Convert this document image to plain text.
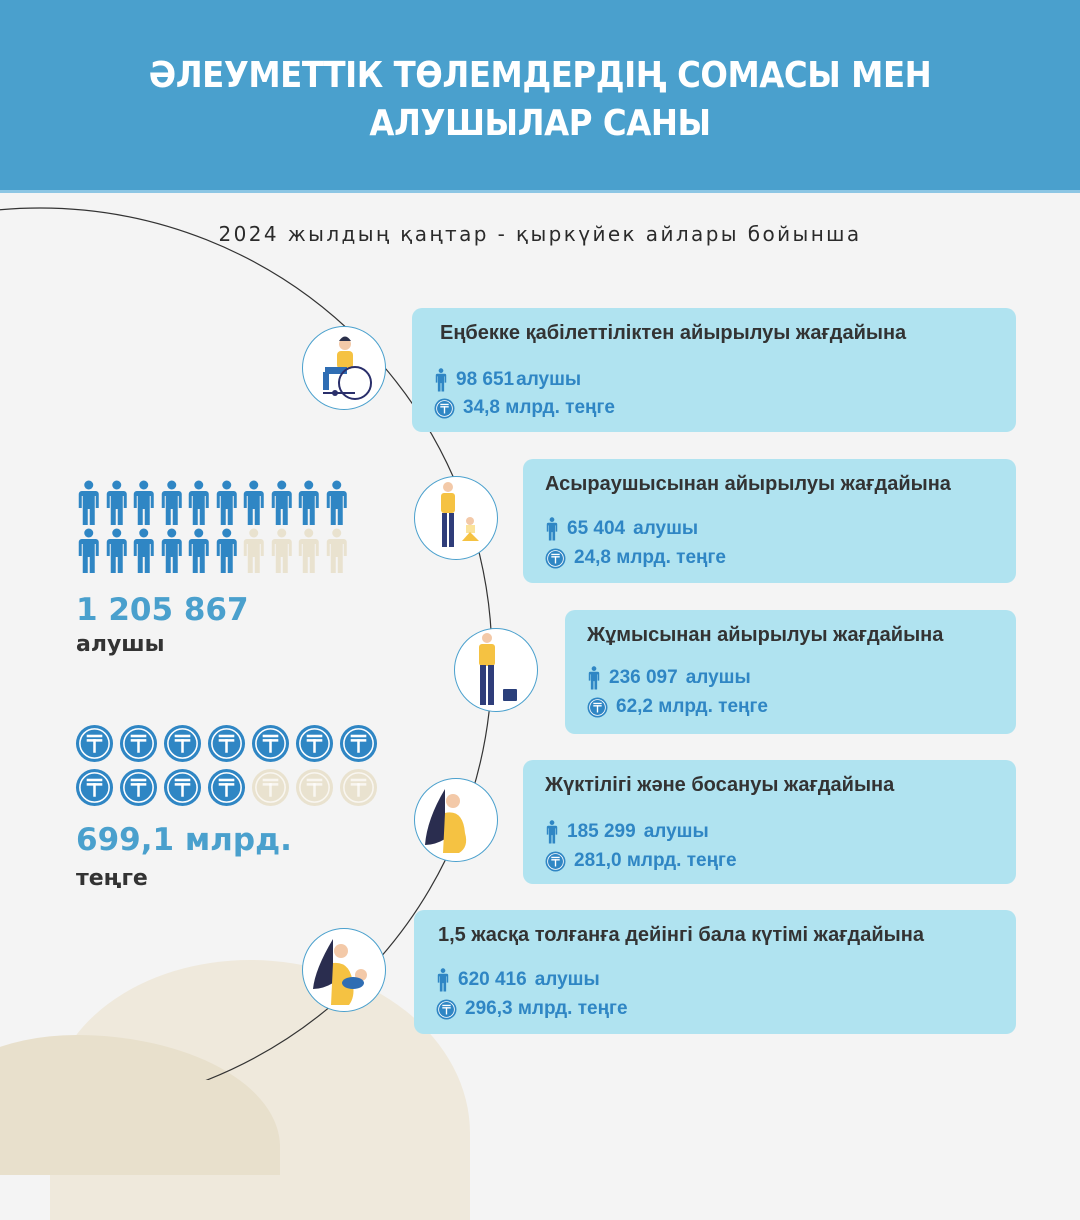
ӘЛЕУМЕТТІК ТӨЛЕМДЕРДІҢ СОМАСЫ МЕН
АЛУШЫЛАР САНЫ
2024 жылдың қаңтар - қыркүйек айлары бойынша
1 205 867
алушы
699,1 млрд.
теңге
Еңбекке қабілеттіліктен айырылуы жағдайына
98 651 алушы
34,8 млрд. теңге
Асыраушысынан айырылуы жағдайына
65 404 алушы
24,8 млрд. теңге
Жұмысынан айырылуы жағдайына
236 097 алушы
62,2 млрд. теңге
Жүктілігі және босануы жағдайына
185 299 алушы
281,0 млрд. теңге
1,5 жасқа толғанға дейінгі бала күтімі жағдайына
620 416 алушы
296,3 млрд. теңге
